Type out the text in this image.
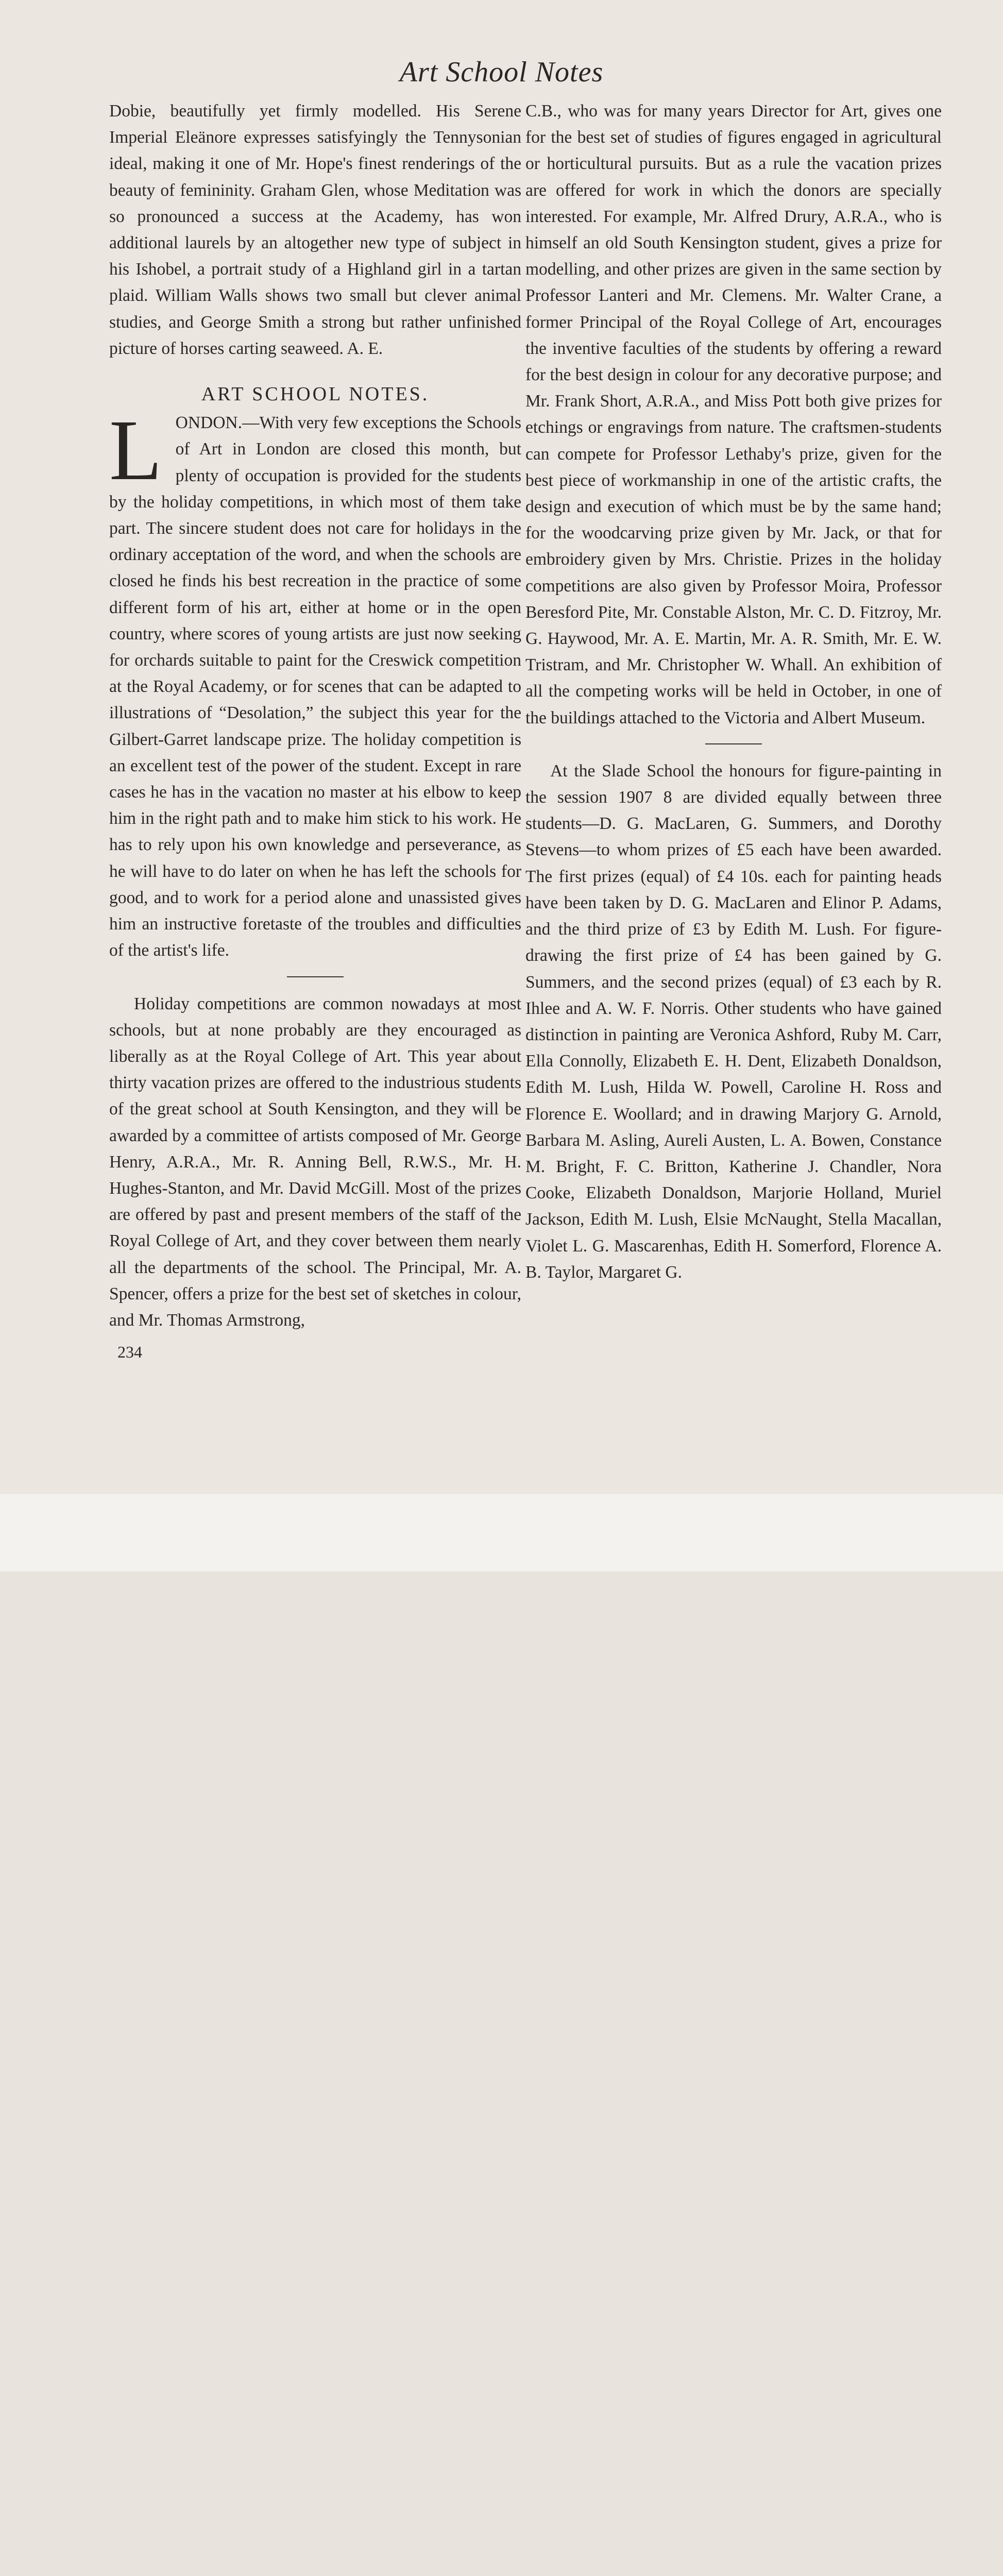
Art School Notes

Dobie, beautifully yet firmly modelled. His Serene Imperial Eleänore expresses satisfyingly the Tennysonian ideal, making it one of Mr. Hope's finest renderings of the beauty of femininity. Graham Glen, whose Meditation was so pronounced a success at the Academy, has won additional laurels by an altogether new type of subject in his Ishobel, a portrait study of a Highland girl in a tartan plaid. William Walls shows two small but clever animal studies, and George Smith a strong but rather unfinished picture of horses carting seaweed. A. E.

ART SCHOOL NOTES.

LONDON.—With very few exceptions the Schools of Art in London are closed this month, but plenty of occupation is provided for the students by the holiday competitions, in which most of them take part. The sincere student does not care for holidays in the ordinary acceptation of the word, and when the schools are closed he finds his best recreation in the practice of some different form of his art, either at home or in the open country, where scores of young artists are just now seeking for orchards suitable to paint for the Creswick competition at the Royal Academy, or for scenes that can be adapted to illustrations of “Desolation,” the subject this year for the Gilbert-Garret landscape prize. The holiday competition is an excellent test of the power of the student. Except in rare cases he has in the vacation no master at his elbow to keep him in the right path and to make him stick to his work. He has to rely upon his own knowledge and perseverance, as he will have to do later on when he has left the schools for good, and to work for a period alone and unassisted gives him an instructive foretaste of the troubles and difficulties of the artist's life.

Holiday competitions are common nowadays at most schools, but at none probably are they encouraged as liberally as at the Royal College of Art. This year about thirty vacation prizes are offered to the industrious students of the great school at South Kensington, and they will be awarded by a committee of artists composed of Mr. George Henry, A.R.A., Mr. R. Anning Bell, R.W.S., Mr. H. Hughes-Stanton, and Mr. David McGill. Most of the prizes are offered by past and present members of the staff of the Royal College of Art, and they cover between them nearly all the departments of the school. The Principal, Mr. A. Spencer, offers a prize for the best set of sketches in colour, and Mr. Thomas Armstrong,

C.B., who was for many years Director for Art, gives one for the best set of studies of figures engaged in agricultural or horticultural pursuits. But as a rule the vacation prizes are offered for work in which the donors are specially interested. For example, Mr. Alfred Drury, A.R.A., who is himself an old South Kensington student, gives a prize for modelling, and other prizes are given in the same section by Professor Lanteri and Mr. Clemens. Mr. Walter Crane, a former Principal of the Royal College of Art, encourages the inventive faculties of the students by offering a reward for the best design in colour for any decorative purpose; and Mr. Frank Short, A.R.A., and Miss Pott both give prizes for etchings or engravings from nature. The craftsmen-students can compete for Professor Lethaby's prize, given for the best piece of workmanship in one of the artistic crafts, the design and execution of which must be by the same hand; for the woodcarving prize given by Mr. Jack, or that for embroidery given by Mrs. Christie. Prizes in the holiday competitions are also given by Professor Moira, Professor Beresford Pite, Mr. Constable Alston, Mr. C. D. Fitzroy, Mr. G. Haywood, Mr. A. E. Martin, Mr. A. R. Smith, Mr. E. W. Tristram, and Mr. Christopher W. Whall. An exhibition of all the competing works will be held in October, in one of the buildings attached to the Victoria and Albert Museum.

At the Slade School the honours for figure-painting in the session 1907 8 are divided equally between three students—D. G. MacLaren, G. Summers, and Dorothy Stevens—to whom prizes of £5 each have been awarded. The first prizes (equal) of £4 10s. each for painting heads have been taken by D. G. MacLaren and Elinor P. Adams, and the third prize of £3 by Edith M. Lush. For figure-drawing the first prize of £4 has been gained by G. Summers, and the second prizes (equal) of £3 each by R. Ihlee and A. W. F. Norris. Other students who have gained distinction in painting are Veronica Ashford, Ruby M. Carr, Ella Connolly, Elizabeth E. H. Dent, Elizabeth Donaldson, Edith M. Lush, Hilda W. Powell, Caroline H. Ross and Florence E. Woollard; and in drawing Marjory G. Arnold, Barbara M. Asling, Aureli Austen, L. A. Bowen, Constance M. Bright, F. C. Britton, Katherine J. Chandler, Nora Cooke, Elizabeth Donaldson, Marjorie Holland, Muriel Jackson, Edith M. Lush, Elsie McNaught, Stella Macallan, Violet L. G. Mascarenhas, Edith H. Somerford, Florence A. B. Taylor, Margaret G.

234
